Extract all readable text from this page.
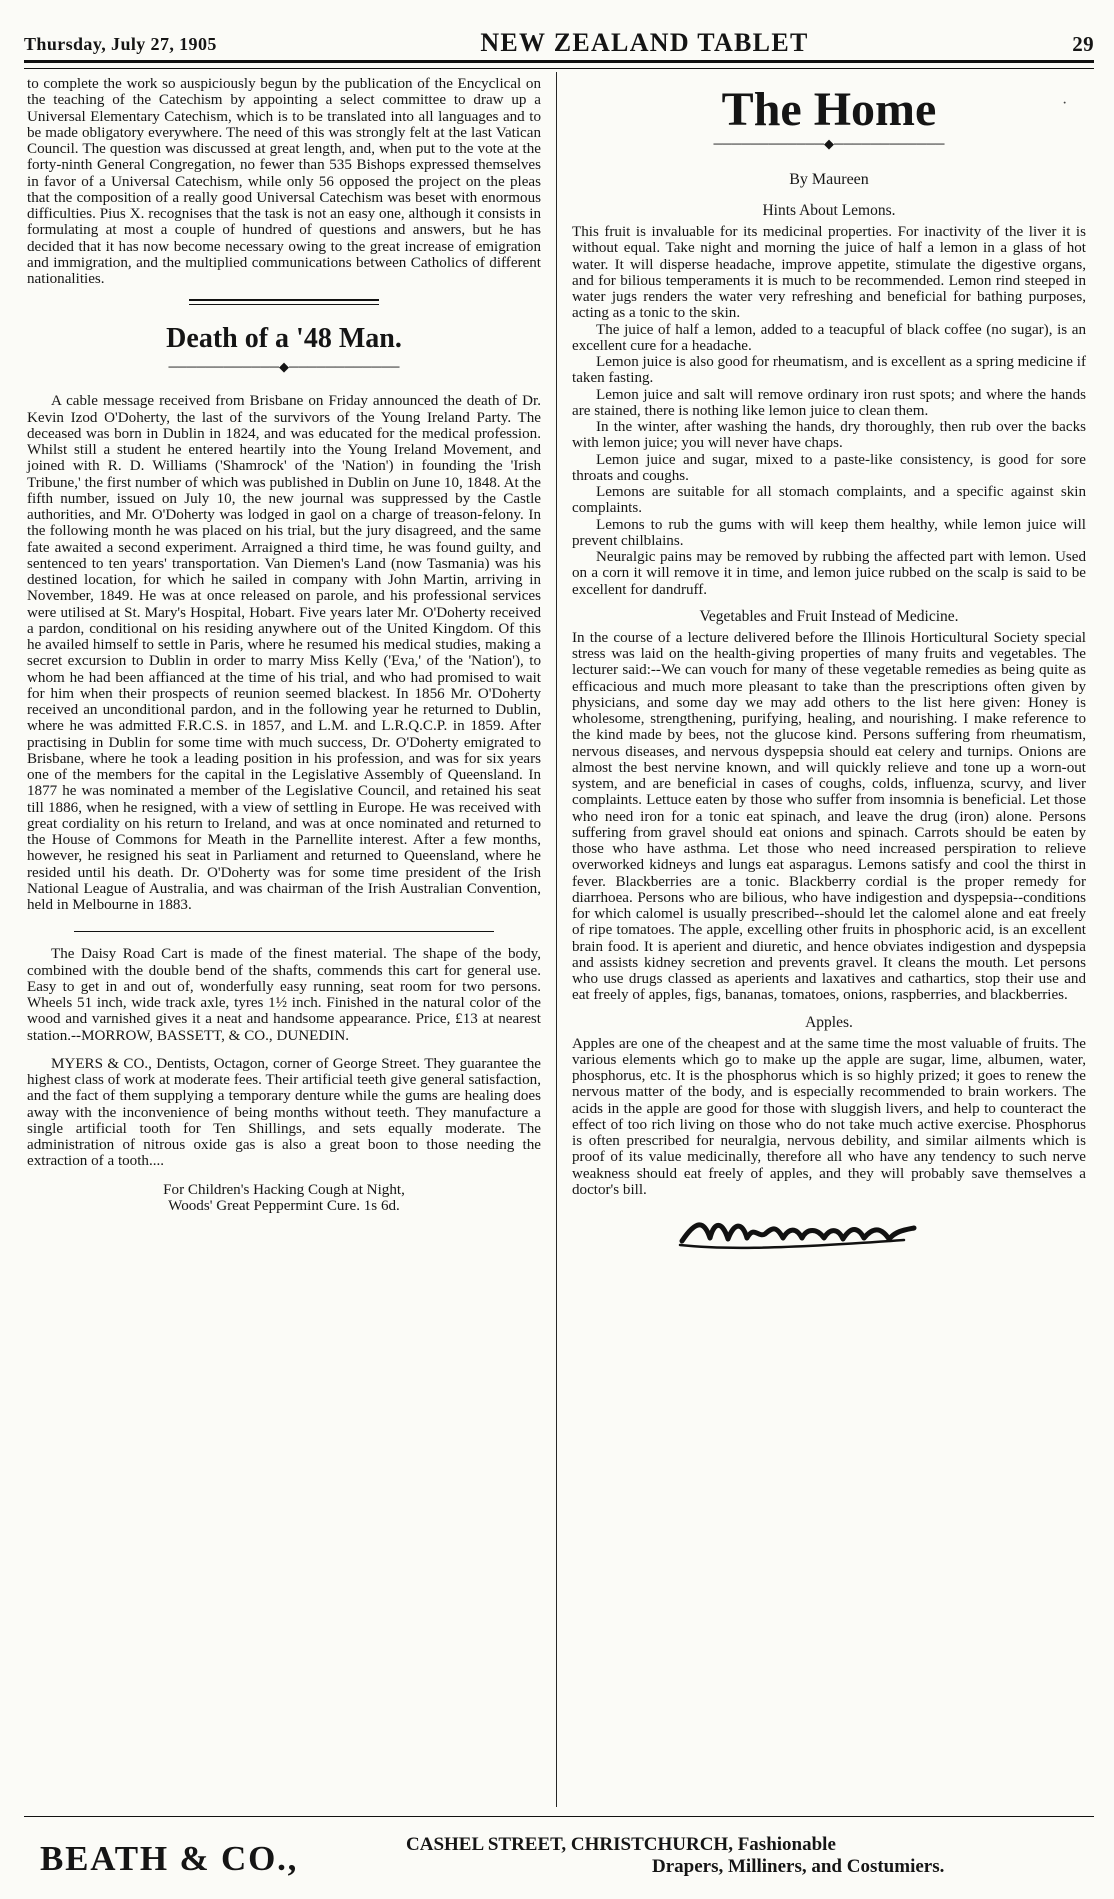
Thursday, July 27, 1905	NEW ZEALAND TABLET	29

to complete the work so auspiciously begun by the publication of the Encyclical on the teaching of the Catechism by appointing a select committee to draw up a Universal Elementary Catechism, which is to be translated into all languages and to be made obligatory everywhere. The need of this was strongly felt at the last Vatican Council. The question was discussed at great length, and, when put to the vote at the forty-ninth General Congregation, no fewer than 535 Bishops expressed themselves in favor of a Universal Catechism, while only 56 opposed the project on the pleas that the composition of a really good Universal Catechism was beset with enormous difficulties. Pius X. recognises that the task is not an easy one, although it consists in formulating at most a couple of hundred of questions and answers, but he has decided that it has now become necessary owing to the great increase of emigration and immigration, and the multiplied communications between Catholics of different nationalities.

Death of a '48 Man.
────────────◆────────────

A cable message received from Brisbane on Friday announced the death of Dr. Kevin Izod O'Doherty, the last of the survivors of the Young Ireland Party. The deceased was born in Dublin in 1824, and was educated for the medical profession. Whilst still a student he entered heartily into the Young Ireland Movement, and joined with R. D. Williams ('Shamrock' of the 'Nation') in founding the 'Irish Tribune,' the first number of which was published in Dublin on June 10, 1848. At the fifth number, issued on July 10, the new journal was suppressed by the Castle authorities, and Mr. O'Doherty was lodged in gaol on a charge of treason-felony. In the following month he was placed on his trial, but the jury disagreed, and the same fate awaited a second experiment. Arraigned a third time, he was found guilty, and sentenced to ten years' transportation. Van Diemen's Land (now Tasmania) was his destined location, for which he sailed in company with John Martin, arriving in November, 1849. He was at once released on parole, and his professional services were utilised at St. Mary's Hospital, Hobart. Five years later Mr. O'Doherty received a pardon, conditional on his residing anywhere out of the United Kingdom. Of this he availed himself to settle in Paris, where he resumed his medical studies, making a secret excursion to Dublin in order to marry Miss Kelly ('Eva,' of the 'Nation'), to whom he had been affianced at the time of his trial, and who had promised to wait for him when their prospects of reunion seemed blackest. In 1856 Mr. O'Doherty received an unconditional pardon, and in the following year he returned to Dublin, where he was admitted F.R.C.S. in 1857, and L.M. and L.R.Q.C.P. in 1859. After practising in Dublin for some time with much success, Dr. O'Doherty emigrated to Brisbane, where he took a leading position in his profession, and was for six years one of the members for the capital in the Legislative Assembly of Queensland. In 1877 he was nominated a member of the Legislative Council, and retained his seat till 1886, when he resigned, with a view of settling in Europe. He was received with great cordiality on his return to Ireland, and was at once nominated and returned to the House of Commons for Meath in the Parnellite interest. After a few months, however, he resigned his seat in Parliament and returned to Queensland, where he resided until his death. Dr. O'Doherty was for some time president of the Irish National League of Australia, and was chairman of the Irish Australian Convention, held in Melbourne in 1883.

The Daisy Road Cart is made of the finest material. The shape of the body, combined with the double bend of the shafts, commends this cart for general use. Easy to get in and out of, wonderfully easy running, seat room for two persons. Wheels 51 inch, wide track axle, tyres 1½ inch. Finished in the natural color of the wood and varnished gives it a neat and handsome appearance. Price, £13 at nearest station.--MORROW, BASSETT, & CO., DUNEDIN.

MYERS & CO., Dentists, Octagon, corner of George Street. They guarantee the highest class of work at moderate fees. Their artificial teeth give general satisfaction, and the fact of them supplying a temporary denture while the gums are healing does away with the inconvenience of being months without teeth. They manufacture a single artificial tooth for Ten Shillings, and sets equally moderate. The administration of nitrous oxide gas is also a great boon to those needing the extraction of a tooth....

For Children's Hacking Cough at Night,
Woods' Great Peppermint Cure. 1s 6d.
The Home
────────────◆────────────
By Maureen
Hints About Lemons.

This fruit is invaluable for its medicinal properties. For inactivity of the liver it is without equal. Take night and morning the juice of half a lemon in a glass of hot water. It will disperse headache, improve appetite, stimulate the digestive organs, and for bilious temperaments it is much to be recommended. Lemon rind steeped in water jugs renders the water very refreshing and beneficial for bathing purposes, acting as a tonic to the skin.

The juice of half a lemon, added to a teacupful of black coffee (no sugar), is an excellent cure for a headache.

Lemon juice is also good for rheumatism, and is excellent as a spring medicine if taken fasting.

Lemon juice and salt will remove ordinary iron rust spots; and where the hands are stained, there is nothing like lemon juice to clean them.

In the winter, after washing the hands, dry thoroughly, then rub over the backs with lemon juice; you will never have chaps.

Lemon juice and sugar, mixed to a paste-like consistency, is good for sore throats and coughs.

Lemons are suitable for all stomach complaints, and a specific against skin complaints.

Lemons to rub the gums with will keep them healthy, while lemon juice will prevent chilblains.

Neuralgic pains may be removed by rubbing the affected part with lemon. Used on a corn it will remove it in time, and lemon juice rubbed on the scalp is said to be excellent for dandruff.

Vegetables and Fruit Instead of Medicine.

In the course of a lecture delivered before the Illinois Horticultural Society special stress was laid on the health-giving properties of many fruits and vegetables. The lecturer said:--We can vouch for many of these vegetable remedies as being quite as efficacious and much more pleasant to take than the prescriptions often given by physicians, and some day we may add others to the list here given: Honey is wholesome, strengthening, purifying, healing, and nourishing. I make reference to the kind made by bees, not the glucose kind. Persons suffering from rheumatism, nervous diseases, and nervous dyspepsia should eat celery and turnips. Onions are almost the best nervine known, and will quickly relieve and tone up a worn-out system, and are beneficial in cases of coughs, colds, influenza, scurvy, and liver complaints. Lettuce eaten by those who suffer from insomnia is beneficial. Let those who need iron for a tonic eat spinach, and leave the drug (iron) alone. Persons suffering from gravel should eat onions and spinach. Carrots should be eaten by those who have asthma. Let those who need increased perspiration to relieve overworked kidneys and lungs eat asparagus. Lemons satisfy and cool the thirst in fever. Blackberries are a tonic. Blackberry cordial is the proper remedy for diarrhoea. Persons who are bilious, who have indigestion and dyspepsia--conditions for which calomel is usually prescribed--should let the calomel alone and eat freely of ripe tomatoes. The apple, excelling other fruits in phosphoric acid, is an excellent brain food. It is aperient and diuretic, and hence obviates indigestion and dyspepsia and assists kidney secretion and prevents gravel. It cleans the mouth. Let persons who use drugs classed as aperients and laxatives and cathartics, stop their use and eat freely of apples, figs, bananas, tomatoes, onions, raspberries, and blackberries.

Apples.

Apples are one of the cheapest and at the same time the most valuable of fruits. The various elements which go to make up the apple are sugar, lime, albumen, water, phosphorus, etc. It is the phosphorus which is so highly prized; it goes to renew the nervous matter of the body, and is especially recommended to brain workers. The acids in the apple are good for those with sluggish livers, and help to counteract the effect of too rich living on those who do not take much active exercise. Phosphorus is often prescribed for neuralgia, nervous debility, and similar ailments which is proof of its value medicinally, therefore all who have any tendency to such nerve weakness should eat freely of apples, and they will probably save themselves a doctor's bill.

BEATH & CO.,	CASHEL STREET, CHRISTCHURCH, Fashionable
Drapers, Milliners, and Costumiers.
·
